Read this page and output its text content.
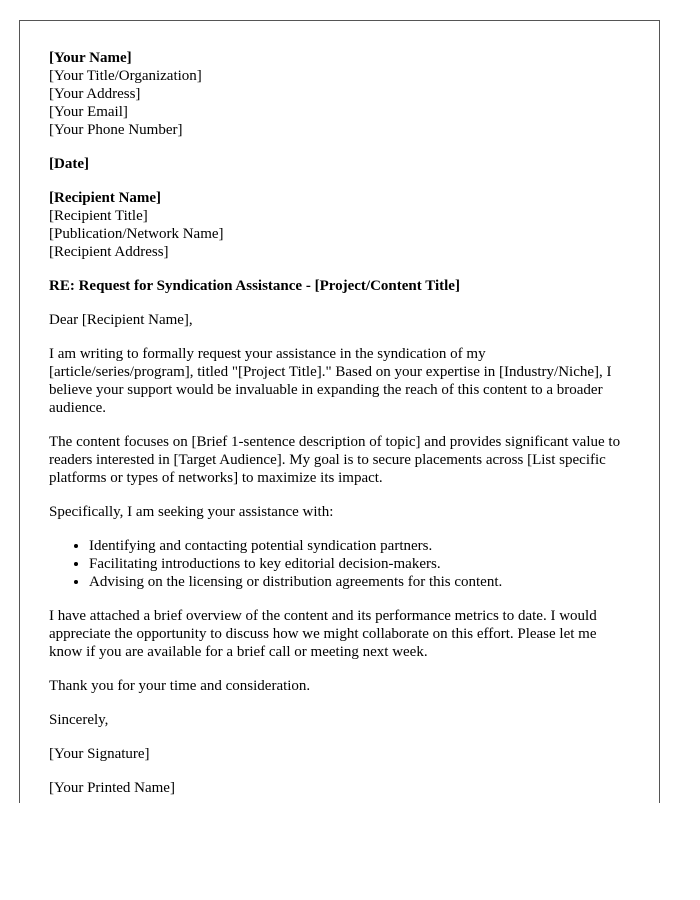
[Your Name]
[Your Title/Organization]
[Your Address]
[Your Email]
[Your Phone Number]
[Date]
[Recipient Name]
[Recipient Title]
[Publication/Network Name]
[Recipient Address]

RE: Request for Syndication Assistance - [Project/Content Title]

Dear [Recipient Name],

I am writing to formally request your assistance in the syndication of my [article/series/program], titled "[Project Title]." Based on your expertise in [Industry/Niche], I believe your support would be invaluable in expanding the reach of this content to a broader audience.

The content focuses on [Brief 1-sentence description of topic] and provides significant value to readers interested in [Target Audience]. My goal is to secure placements across [List specific platforms or types of networks] to maximize its impact.

Specifically, I am seeking your assistance with:

• Identifying and contacting potential syndication partners.
• Facilitating introductions to key editorial decision-makers.
• Advising on the licensing or distribution agreements for this content.

I have attached a brief overview of the content and its performance metrics to date. I would appreciate the opportunity to discuss how we might collaborate on this effort. Please let me know if you are available for a brief call or meeting next week.

Thank you for your time and consideration.

Sincerely,

[Your Signature]

[Your Printed Name]
